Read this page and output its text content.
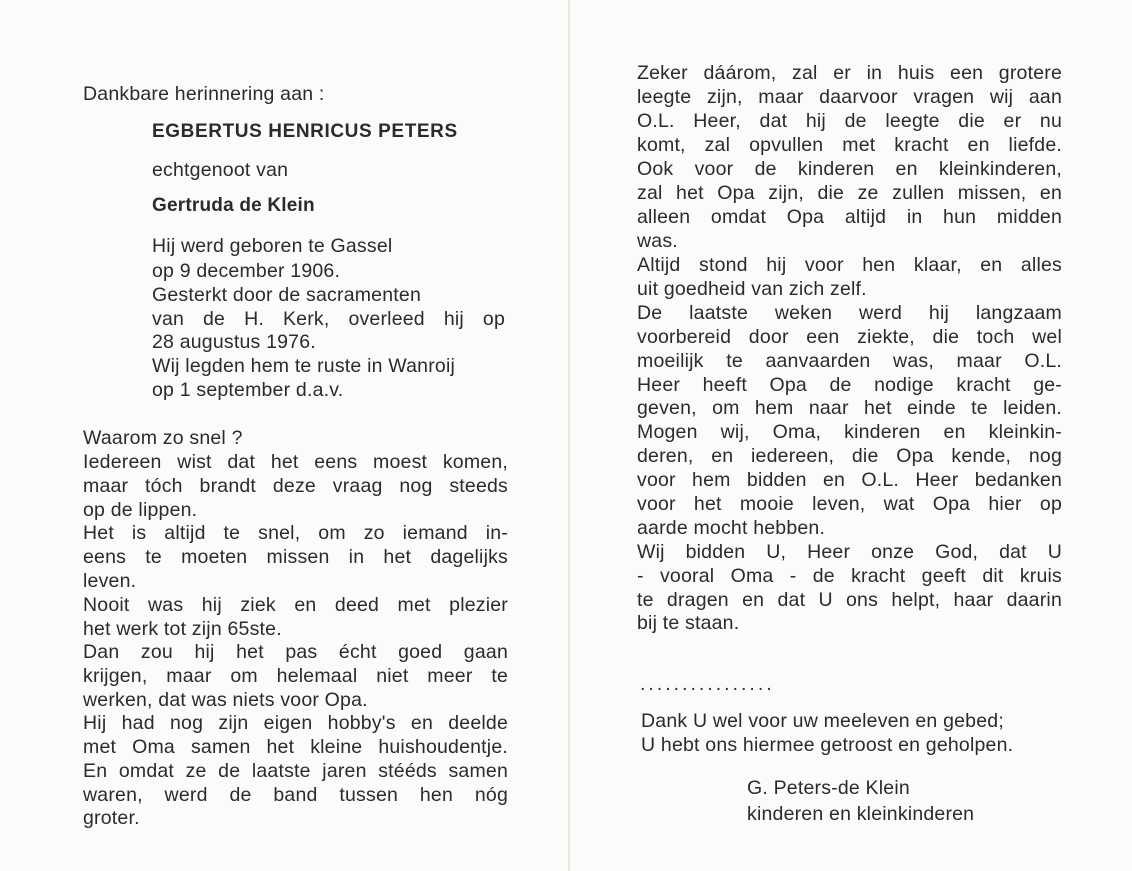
Dankbare herinnering aan :
EGBERTUS HENRICUS PETERS
echtgenoot van
Gertruda de Klein
Hij werd geboren te Gassel
op 9 december 1906.
Gesterkt door de sacramenten
van de H. Kerk, overleed hij op
28 augustus 1976.
Wij legden hem te ruste in Wanroij
op 1 september d.a.v.
Waarom zo snel ?
Iedereen wist dat het eens moest komen,
maar tóch brandt deze vraag nog steeds
op de lippen.
Het is altijd te snel, om zo iemand in-
eens te moeten missen in het dagelijks
leven.
Nooit was hij ziek en deed met plezier
het werk tot zijn 65ste.
Dan zou hij het pas écht goed gaan
krijgen, maar om helemaal niet meer te
werken, dat was niets voor Opa.
Hij had nog zijn eigen hobby's en deelde
met Oma samen het kleine huishoudentje.
En omdat ze de laatste jaren stééds samen
waren, werd de band tussen hen nóg
groter.
Zeker dáárom, zal er in huis een grotere
leegte zijn, maar daarvoor vragen wij aan
O.L. Heer, dat hij de leegte die er nu
komt, zal opvullen met kracht en liefde.
Ook voor de kinderen en kleinkinderen,
zal het Opa zijn, die ze zullen missen, en
alleen omdat Opa altijd in hun midden
was.
Altijd stond hij voor hen klaar, en alles
uit goedheid van zich zelf.
De laatste weken werd hij langzaam
voorbereid door een ziekte, die toch wel
moeilijk te aanvaarden was, maar O.L.
Heer heeft Opa de nodige kracht ge-
geven, om hem naar het einde te leiden.
Mogen wij, Oma, kinderen en kleinkin-
deren, en iedereen, die Opa kende, nog
voor hem bidden en O.L. Heer bedanken
voor het mooie leven, wat Opa hier op
aarde mocht hebben.
Wij bidden U, Heer onze God, dat U
- vooral Oma - de kracht geeft dit kruis
te dragen en dat U ons helpt, haar daarin
bij te staan.
................
Dank U wel voor uw meeleven en gebed;
U hebt ons hiermee getroost en geholpen.
G. Peters-de Klein
kinderen en kleinkinderen
